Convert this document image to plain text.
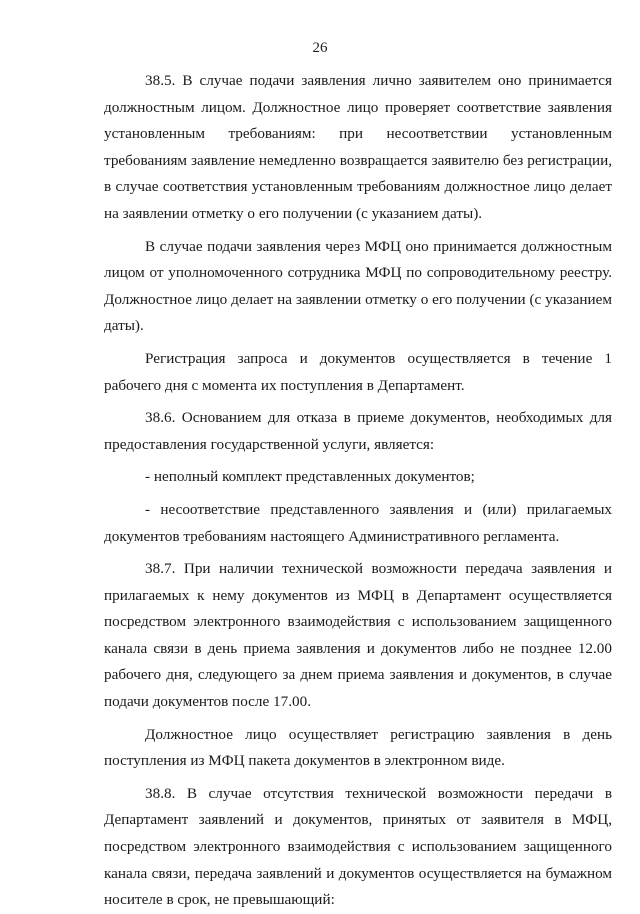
26

38.5. В случае подачи заявления лично заявителем оно принимается должностным лицом. Должностное лицо проверяет соответствие заявления установленным требованиям: при несоответствии установленным требованиям заявление немедленно возвращается заявителю без регистрации, в случае соответствия установленным требованиям должностное лицо делает на заявлении отметку о его получении (с указанием даты).

В случае подачи заявления через МФЦ оно принимается должностным лицом от уполномоченного сотрудника МФЦ по сопроводительному реестру. Должностное лицо делает на заявлении отметку о его получении (с указанием даты).

Регистрация запроса и документов осуществляется в течение 1 рабочего дня с момента их поступления в Департамент.

38.6. Основанием для отказа в приеме документов, необходимых для предоставления государственной услуги, является:

- неполный комплект представленных документов;

- несоответствие представленного заявления и (или) прилагаемых документов требованиям настоящего Административного регламента.

38.7. При наличии технической возможности передача заявления и прилагаемых к нему документов из МФЦ в Департамент осуществляется посредством электронного взаимодействия с использованием защищенного канала связи в день приема заявления и документов либо не позднее 12.00 рабочего дня, следующего за днем приема заявления и документов, в случае подачи документов после 17.00.

Должностное лицо осуществляет регистрацию заявления в день поступления из МФЦ пакета документов в электронном виде.

38.8. В случае отсутствия технической возможности передачи в Департамент заявлений и документов, принятых от заявителя в МФЦ, посредством электронного взаимодействия с использованием защищенного канала связи, передача заявлений и документов осуществляется на бумажном носителе в срок, не превышающий:
